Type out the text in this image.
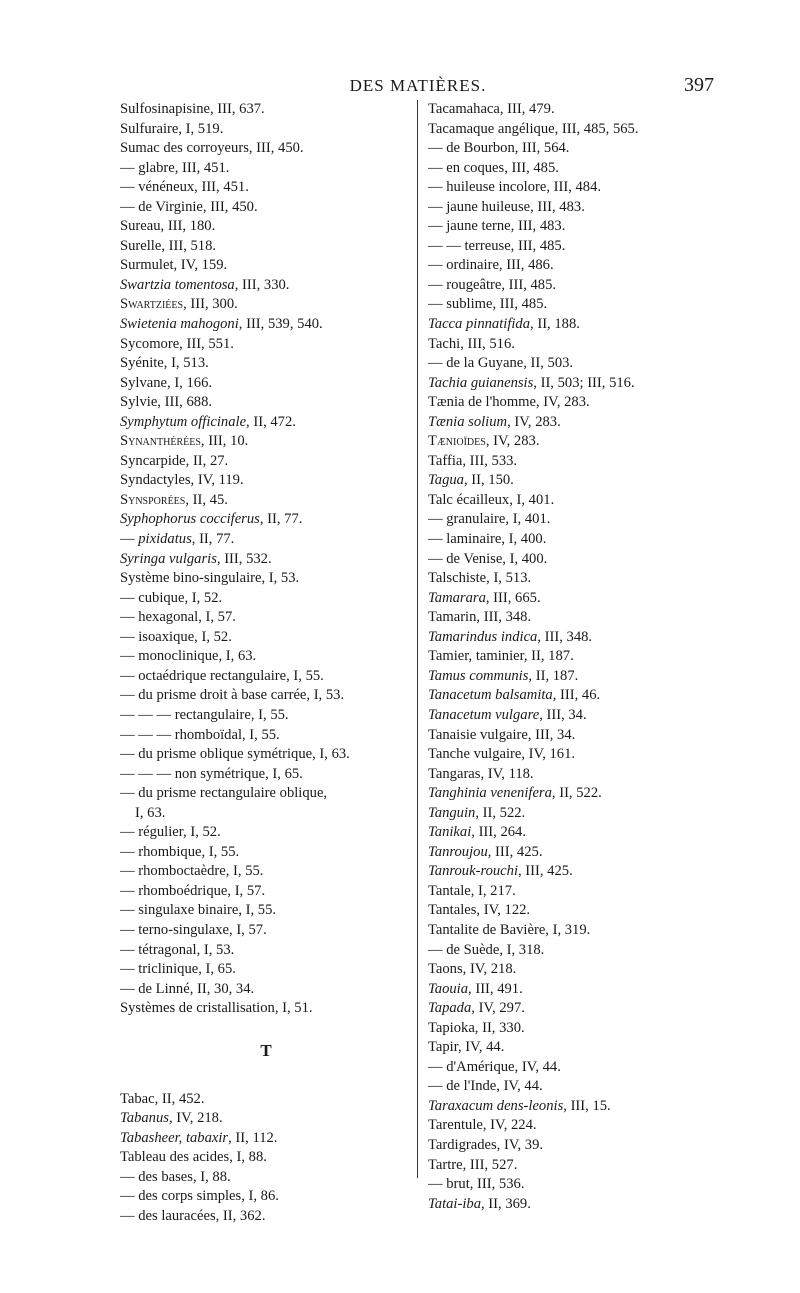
DES MATIÈRES.	397
Sulfosinapisine, III, 637.
Sulfuraire, I, 519.
Sumac des corroyeurs, III, 450.
— glabre, III, 451.
— vénéneux, III, 451.
— de Virginie, III, 450.
Sureau, III, 180.
Surelle, III, 518.
Surmulet, IV, 159.
Swartzia tomentosa, III, 330.
Swartziées, III, 300.
Swietenia mahogoni, III, 539, 540.
Sycomore, III, 551.
Syénite, I, 513.
Sylvane, I, 166.
Sylvie, III, 688.
Symphytum officinale, II, 472.
Synanthérées, III, 10.
Syncarpide, II, 27.
Syndactyles, IV, 119.
Synsporées, II, 45.
Syphophorus cocciferus, II, 77.
— pixidatus, II, 77.
Syringa vulgaris, III, 532.
Système bino-singulaire, I, 53.
— cubique, I, 52.
— hexagonal, I, 57.
— isoaxique, I, 52.
— monoclinique, I, 63.
— octaédrique rectangulaire, I, 55.
— du prisme droit à base carrée, I, 53.
— — — rectangulaire, I, 55.
— — — rhomboïdal, I, 55.
— du prisme oblique symétrique, I, 63.
— — — non symétrique, I, 65.
— du prisme rectangulaire oblique,
I, 63.
— régulier, I, 52.
— rhombique, I, 55.
— rhomboctaèdre, I, 55.
— rhomboédrique, I, 57.
— singulaxe binaire, I, 55.
— terno-singulaxe, I, 57.
— tétragonal, I, 53.
— triclinique, I, 65.
— de Linné, II, 30, 34.
Systèmes de cristallisation, I, 51.
T
Tabac, II, 452.
Tabanus, IV, 218.
Tabasheer, tabaxir, II, 112.
Tableau des acides, I, 88.
— des bases, I, 88.
— des corps simples, I, 86.
— des lauracées, II, 362.
Tacamahaca, III, 479.
Tacamaque angélique, III, 485, 565.
— de Bourbon, III, 564.
— en coques, III, 485.
— huileuse incolore, III, 484.
— jaune huileuse, III, 483.
— jaune terne, III, 483.
— — terreuse, III, 485.
— ordinaire, III, 486.
— rougeâtre, III, 485.
— sublime, III, 485.
Tacca pinnatifida, II, 188.
Tachi, III, 516.
— de la Guyane, II, 503.
Tachia guianensis, II, 503; III, 516.
Tænia de l'homme, IV, 283.
Tænia solium, IV, 283.
Tænioïdes, IV, 283.
Taffia, III, 533.
Tagua, II, 150.
Talc écailleux, I, 401.
— granulaire, I, 401.
— laminaire, I, 400.
— de Venise, I, 400.
Talschiste, I, 513.
Tamarara, III, 665.
Tamarin, III, 348.
Tamarindus indica, III, 348.
Tamier, taminier, II, 187.
Tamus communis, II, 187.
Tanacetum balsamita, III, 46.
Tanacetum vulgare, III, 34.
Tanaisie vulgaire, III, 34.
Tanche vulgaire, IV, 161.
Tangaras, IV, 118.
Tanghinia venenifera, II, 522.
Tanguin, II, 522.
Tanikai, III, 264.
Tanroujou, III, 425.
Tanrouk-rouchi, III, 425.
Tantale, I, 217.
Tantales, IV, 122.
Tantalite de Bavière, I, 319.
— de Suède, I, 318.
Taons, IV, 218.
Taouia, III, 491.
Tapada, IV, 297.
Tapioka, II, 330.
Tapir, IV, 44.
— d'Amérique, IV, 44.
— de l'Inde, IV, 44.
Taraxacum dens-leonis, III, 15.
Tarentule, IV, 224.
Tardigrades, IV, 39.
Tartre, III, 527.
— brut, III, 536.
Tatai-iba, II, 369.
